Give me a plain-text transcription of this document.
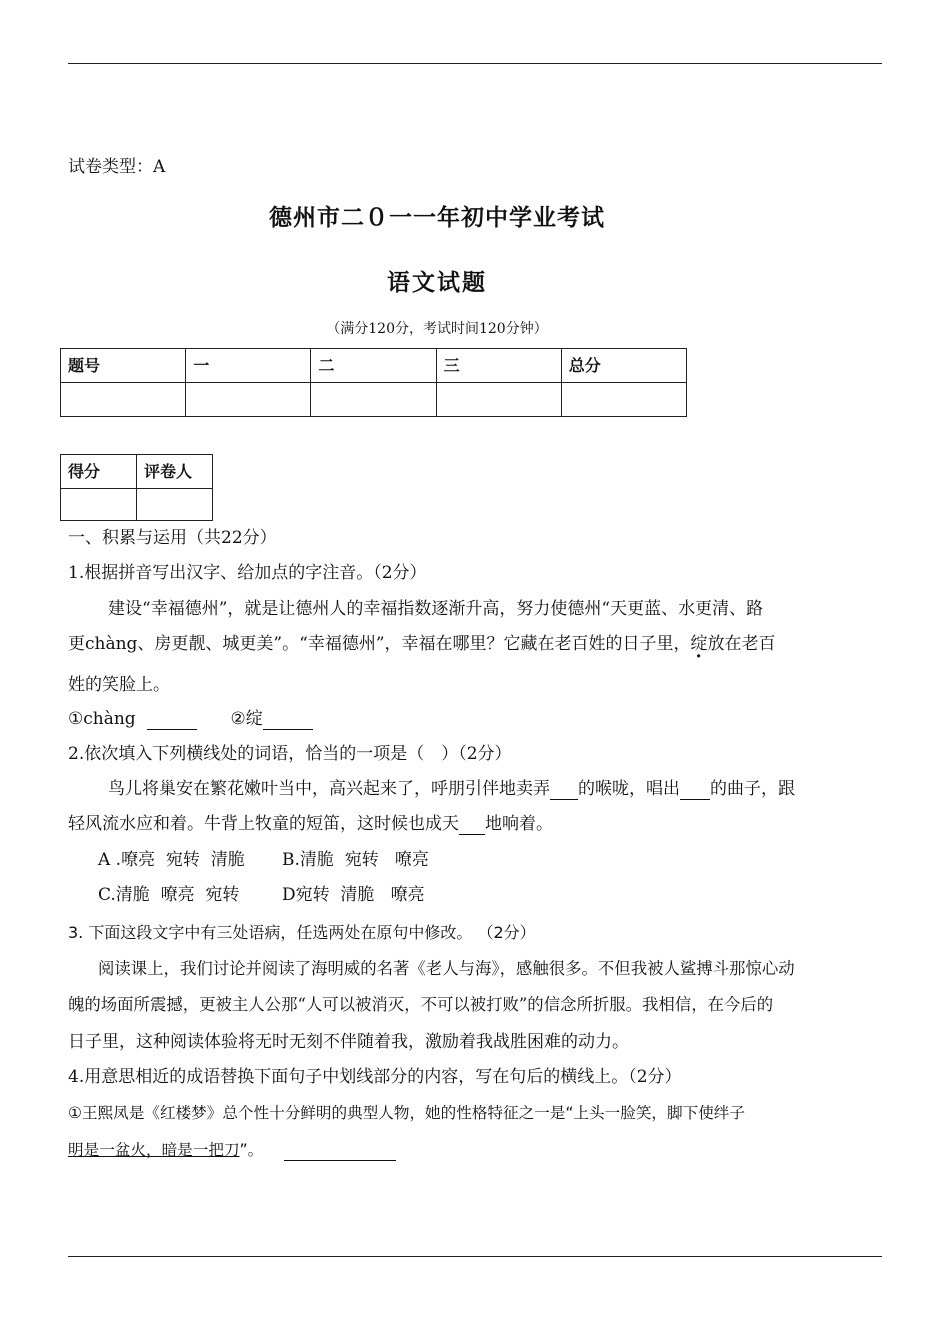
试卷类型：A
德州市二０一一年初中学业考试
语文试题
（满分120分，考试时间120分钟）
题号	一	二	三	总分

得分	评卷人

一、积累与运用（共22分）
1.根据拼音写出汉字、给加点的字注音。（2分）
建设“幸福德州”，就是让德州人的幸福指数逐渐升高，努力使德州“天更蓝、水更清、路
更chàng、房更靓、城更美”。“幸福德州”，幸福在哪里？它藏在老百姓的日子里，绽放在老百
姓的笑脸上。
①chàng	②绽
2.依次填入下列横线处的词语，恰当的一项是（　）（2分）
鸟儿将巢安在繁花嫩叶当中，高兴起来了，呼朋引伴地卖弄 的喉咙，唱出 的曲子，跟
轻风流水应和着。牛背上牧童的短笛，这时候也成天 地响着。
A .嘹亮  宛转  清脆 B.清脆  宛转   嘹亮
C.清脆  嘹亮  宛转	D宛转  清脆   嘹亮
3. 下面这段文字中有三处语病，任选两处在原句中修改。 （2分）
阅读课上，我们讨论并阅读了海明威的名著《老人与海》，感触很多。不但我被人鲨搏斗那惊心动
魄的场面所震撼，更被主人公那“人可以被消灭，不可以被打败”的信念所折服。我相信，在今后的
日子里，这种阅读体验将无时无刻不伴随着我，激励着我战胜困难的动力。
4.用意思相近的成语替换下面句子中划线部分的内容，写在句后的横线上。（2分）
①王熙凤是《红楼梦》总个性十分鲜明的典型人物，她的性格特征之一是“上头一脸笑，脚下使绊子
明是一盆火，暗是一把刀”。
